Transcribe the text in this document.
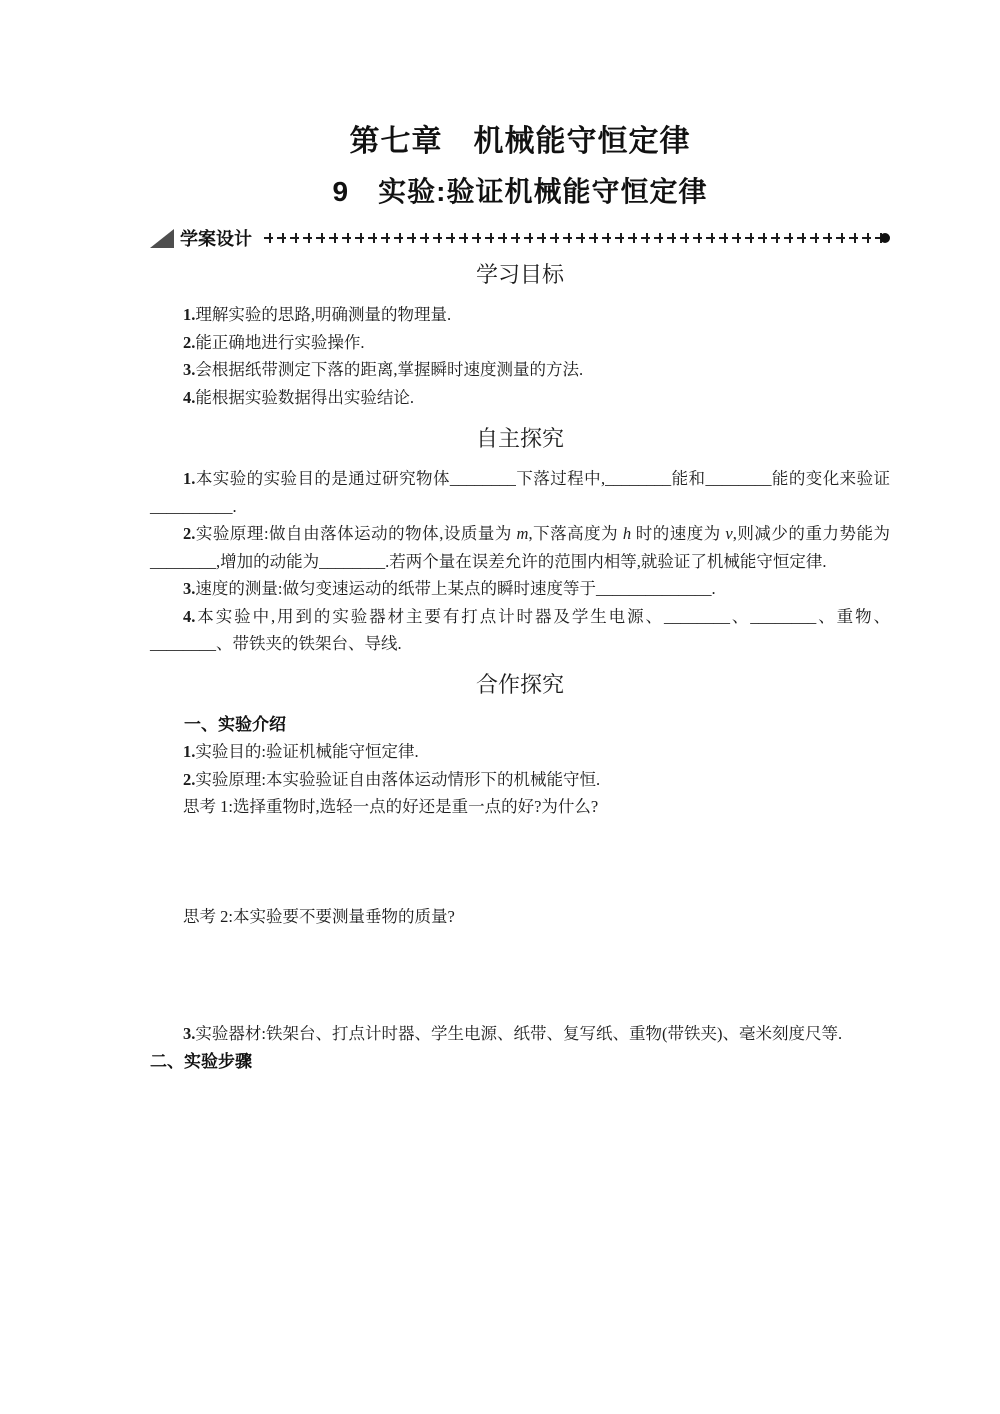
第七章　机械能守恒定律
9　实验:验证机械能守恒定律
学案设计
学习目标

1.理解实验的思路,明确测量的物理量.

2.能正确地进行实验操作.

3.会根据纸带测定下落的距离,掌握瞬时速度测量的方法.

4.能根据实验数据得出实验结论.

自主探究

1.本实验的实验目的是通过研究物体________下落过程中,________能和________能的变化来验证__________.

2.实验原理:做自由落体运动的物体,设质量为 m,下落高度为 h 时的速度为 v,则减少的重力势能为________,增加的动能为________.若两个量在误差允许的范围内相等,就验证了机械能守恒定律.

3.速度的测量:做匀变速运动的纸带上某点的瞬时速度等于______________.

4.本实验中,用到的实验器材主要有打点计时器及学生电源、________、________、重物、________、带铁夹的铁架台、导线.

合作探究

一、实验介绍

1.实验目的:验证机械能守恒定律.

2.实验原理:本实验验证自由落体运动情形下的机械能守恒.

思考 1:选择重物时,选轻一点的好还是重一点的好?为什么?

思考 2:本实验要不要测量垂物的质量?

3.实验器材:铁架台、打点计时器、学生电源、纸带、复写纸、重物(带铁夹)、毫米刻度尺等.

二、实验步骤
